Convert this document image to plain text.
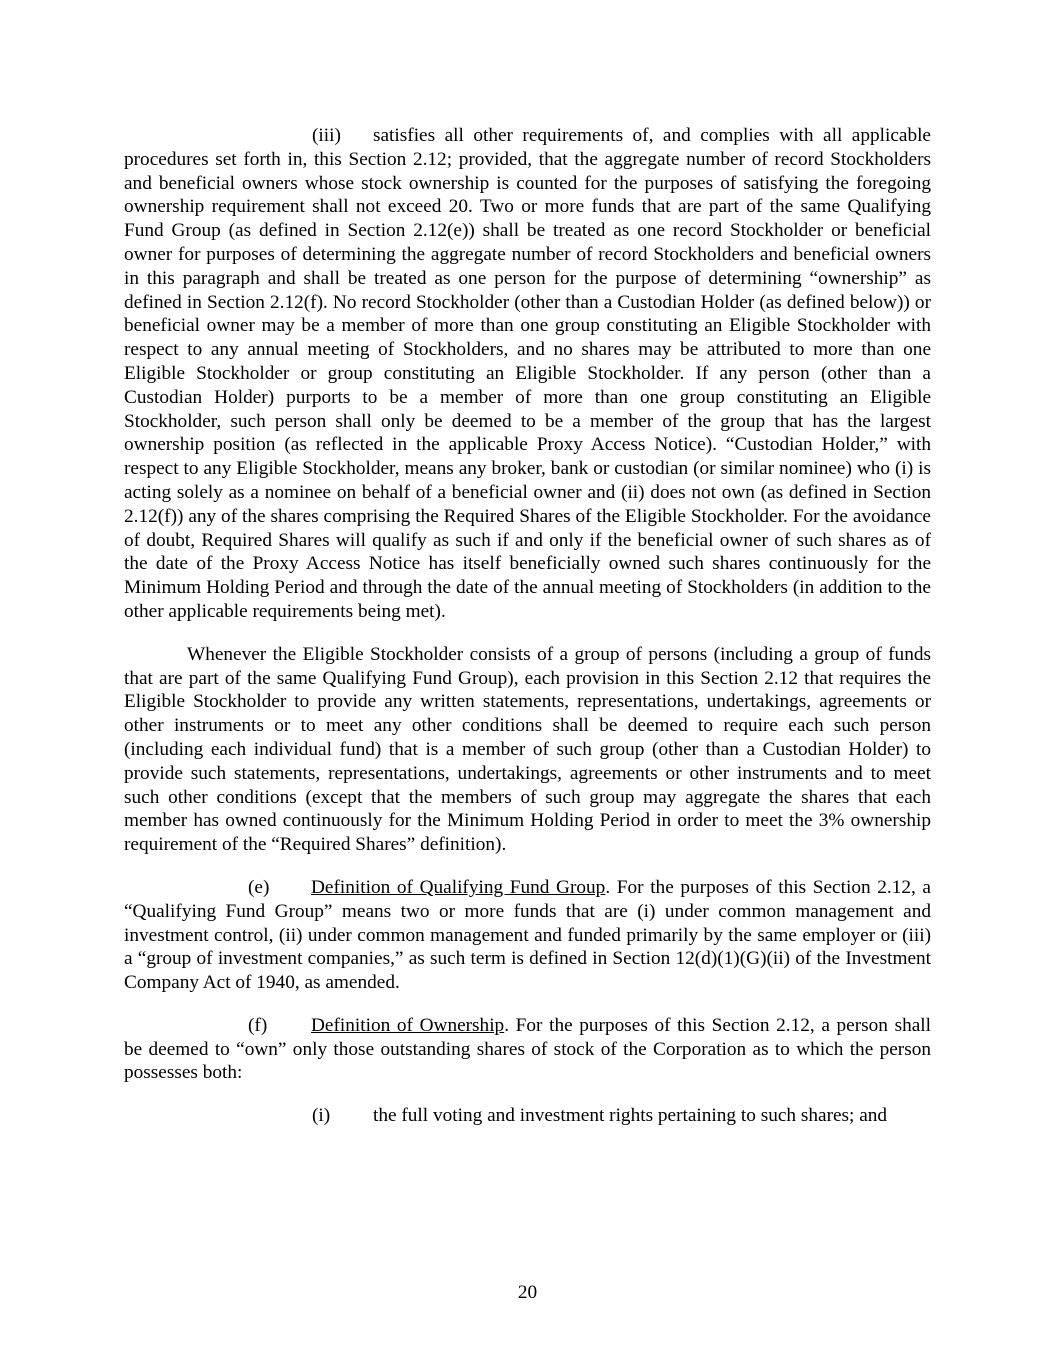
(iii) satisfies all other requirements of, and complies with all applicable procedures set forth in, this Section 2.12; provided, that the aggregate number of record Stockholders and beneficial owners whose stock ownership is counted for the purposes of satisfying the foregoing ownership requirement shall not exceed 20. Two or more funds that are part of the same Qualifying Fund Group (as defined in Section 2.12(e)) shall be treated as one record Stockholder or beneficial owner for purposes of determining the aggregate number of record Stockholders and beneficial owners in this paragraph and shall be treated as one person for the purpose of determining “ownership” as defined in Section 2.12(f). No record Stockholder (other than a Custodian Holder (as defined below)) or beneficial owner may be a member of more than one group constituting an Eligible Stockholder with respect to any annual meeting of Stockholders, and no shares may be attributed to more than one Eligible Stockholder or group constituting an Eligible Stockholder. If any person (other than a Custodian Holder) purports to be a member of more than one group constituting an Eligible Stockholder, such person shall only be deemed to be a member of the group that has the largest ownership position (as reflected in the applicable Proxy Access Notice). “Custodian Holder,” with respect to any Eligible Stockholder, means any broker, bank or custodian (or similar nominee) who (i) is acting solely as a nominee on behalf of a beneficial owner and (ii) does not own (as defined in Section 2.12(f)) any of the shares comprising the Required Shares of the Eligible Stockholder. For the avoidance of doubt, Required Shares will qualify as such if and only if the beneficial owner of such shares as of the date of the Proxy Access Notice has itself beneficially owned such shares continuously for the Minimum Holding Period and through the date of the annual meeting of Stockholders (in addition to the other applicable requirements being met).

Whenever the Eligible Stockholder consists of a group of persons (including a group of funds that are part of the same Qualifying Fund Group), each provision in this Section 2.12 that requires the Eligible Stockholder to provide any written statements, representations, undertakings, agreements or other instruments or to meet any other conditions shall be deemed to require each such person (including each individual fund) that is a member of such group (other than a Custodian Holder) to provide such statements, representations, undertakings, agreements or other instruments and to meet such other conditions (except that the members of such group may aggregate the shares that each member has owned continuously for the Minimum Holding Period in order to meet the 3% ownership requirement of the “Required Shares” definition).

(e) Definition of Qualifying Fund Group. For the purposes of this Section 2.12, a “Qualifying Fund Group” means two or more funds that are (i) under common management and investment control, (ii) under common management and funded primarily by the same employer or (iii) a “group of investment companies,” as such term is defined in Section 12(d)(1)(G)(ii) of the Investment Company Act of 1940, as amended.

(f) Definition of Ownership. For the purposes of this Section 2.12, a person shall be deemed to “own” only those outstanding shares of stock of the Corporation as to which the person possesses both:

(i) the full voting and investment rights pertaining to such shares; and

20
